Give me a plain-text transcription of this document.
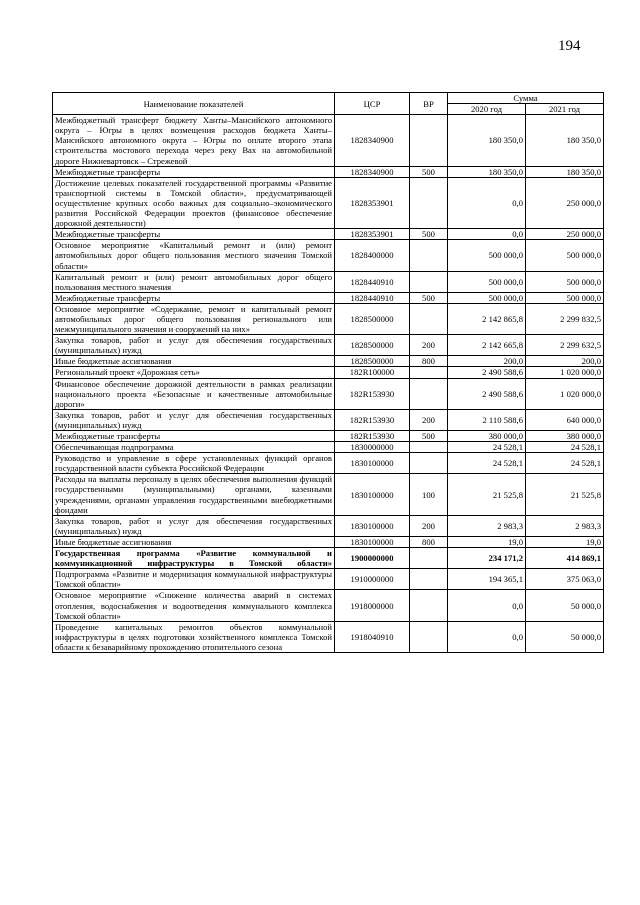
194
Наименование показателей	ЦСР	ВР	Сумма	
			2020 год	2021 год
Межбюджетный трансферт бюджету Ханты–Мансийского автономного округа – Югры в целях возмещения расходов бюджета Ханты–Мансийского автономного округа – Югры по оплате второго этапа строительства мостового перехода через реку Вах на автомобильной дороге Нижневартовск – Стрежевой	1828340900		180 350,0	180 350,0
Межбюджетные трансферты	1828340900	500	180 350,0	180 350,0
Достижение целевых показателей государственной программы «Развитие транспортной системы в Томской области», предусматривающей осуществление крупных особо важных для социально–экономического развития Российской Федерации проектов (финансовое обеспечение дорожной деятельности)	1828353901		0,0	250 000,0
Межбюджетные трансферты	1828353901	500	0,0	250 000,0
Основное мероприятие «Капитальный ремонт и (или) ремонт автомобильных дорог общего пользования местного значения Томской области»	1828400000		500 000,0	500 000,0
Капитальный ремонт и (или) ремонт автомобильных дорог общего пользования местного значения	1828440910		500 000,0	500 000,0
Межбюджетные трансферты	1828440910	500	500 000,0	500 000,0
Основное мероприятие «Содержание, ремонт и капитальный ремонт автомобильных дорог общего пользования регионального или межмуниципального значения и сооружений на них»	1828500000		2 142 865,8	2 299 832,5
Закупка товаров, работ и услуг для обеспечения государственных (муниципальных) нужд	1828500000	200	2 142 665,8	2 299 632,5
Иные бюджетные ассигнования	1828500000	800	200,0	200,0
Региональный проект «Дорожная сеть»	182R100000		2 490 588,6	1 020 000,0
Финансовое обеспечение дорожной деятельности в рамках реализации национального проекта «Безопасные и качественные автомобильные дороги»	182R153930		2 490 588,6	1 020 000,0
Закупка товаров, работ и услуг для обеспечения государственных (муниципальных) нужд	182R153930	200	2 110 588,6	640 000,0
Межбюджетные трансферты	182R153930	500	380 000,0	380 000,0
Обеспечивающая подпрограмма	1830000000		24 528,1	24 528,1
Руководство и управление в сфере установленных функций органов государственной власти субъекта Российской Федерации	1830100000		24 528,1	24 528,1
Расходы на выплаты персоналу в целях обеспечения выполнения функций государственными (муниципальными) органами, казенными учреждениями, органами управления государственными внебюджетными фондами	1830100000	100	21 525,8	21 525,8
Закупка товаров, работ и услуг для обеспечения государственных (муниципальных) нужд	1830100000	200	2 983,3	2 983,3
Иные бюджетные ассигнования	1830100000	800	19,0	19,0
Государственная программа «Развитие коммунальной и коммуникационной инфраструктуры в Томской области»	1900000000		234 171,2	414 869,1
Подпрограмма «Развитие и модернизация коммунальной инфраструктуры Томской области»	1910000000		194 365,1	375 063,0
Основное мероприятие «Снижение количества аварий в системах отопления, водоснабжения и водоотведения коммунального комплекса Томской области»	1918000000		0,0	50 000,0
Проведение капитальных ремонтов объектов коммунальной инфраструктуры в целях подготовки хозяйственного комплекса Томской области к безаварийному прохождению отопительного сезона	1918040910		0,0	50 000,0
